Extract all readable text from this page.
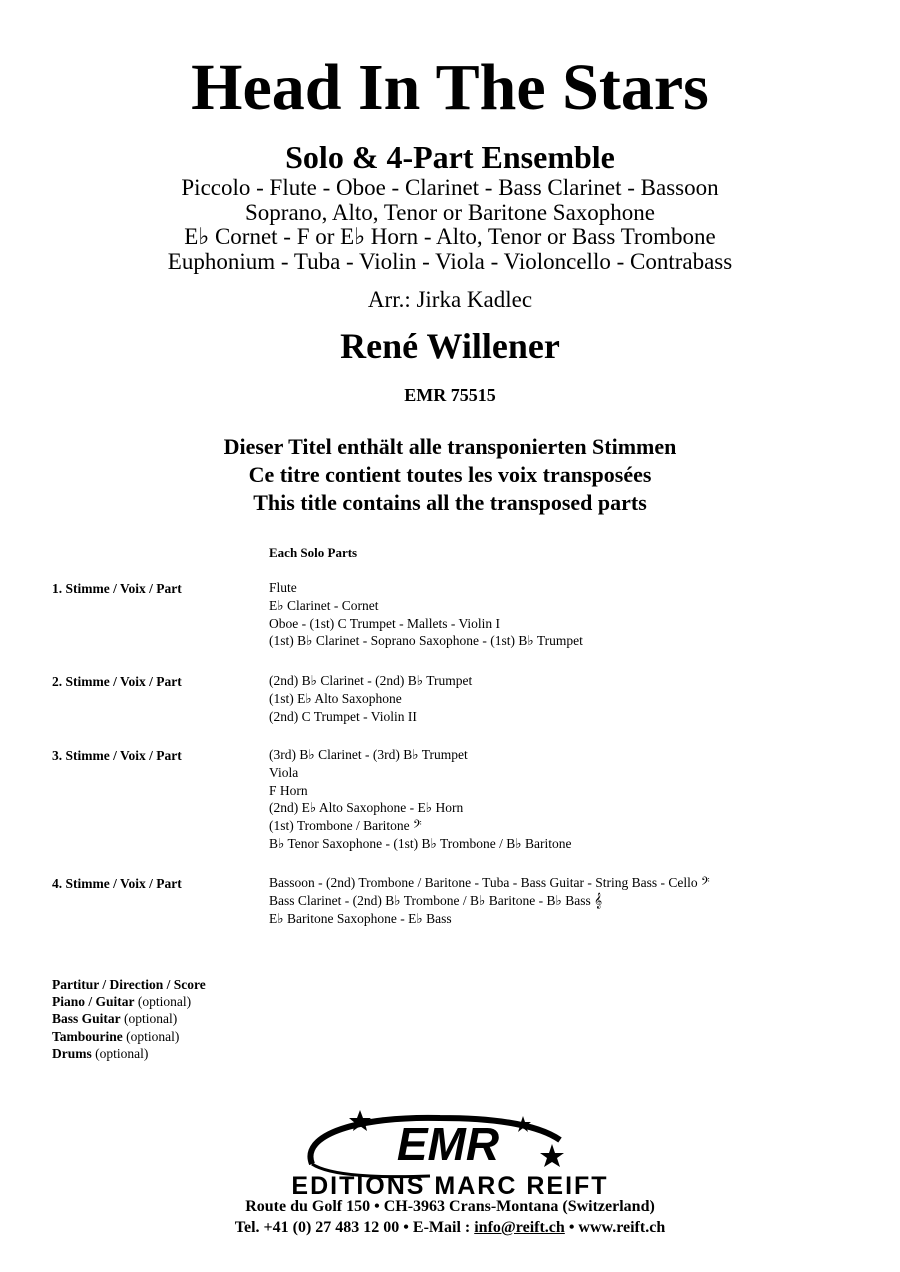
Head In The Stars
Solo & 4-Part Ensemble
Piccolo - Flute - Oboe - Clarinet - Bass Clarinet - Bassoon
Soprano, Alto, Tenor or Baritone Saxophone
E♭ Cornet - F or E♭ Horn - Alto, Tenor or Bass Trombone
Euphonium - Tuba - Violin - Viola - Violoncello - Contrabass
Arr.: Jirka Kadlec
René Willener
EMR 75515
Dieser Titel enthält alle transponierten Stimmen
Ce titre contient toutes les voix transposées
This title contains all the transposed parts
Each Solo Parts
1. Stimme / Voix / Part	Flute
E♭ Clarinet - Cornet
Oboe - (1st) C Trumpet - Mallets - Violin I
(1st) B♭ Clarinet - Soprano Saxophone - (1st) B♭ Trumpet
2. Stimme / Voix / Part	(2nd) B♭ Clarinet - (2nd) B♭ Trumpet
(1st) E♭ Alto Saxophone
(2nd) C Trumpet - Violin II
3. Stimme / Voix / Part	(3rd) B♭ Clarinet - (3rd) B♭ Trumpet
Viola
F Horn
(2nd) E♭ Alto Saxophone - E♭ Horn
(1st) Trombone / Baritone 𝄢
B♭ Tenor Saxophone - (1st) B♭ Trombone / B♭ Baritone
4. Stimme / Voix / Part	Bassoon - (2nd) Trombone / Baritone - Tuba - Bass Guitar - String Bass - Cello 𝄢
Bass Clarinet - (2nd) B♭ Trombone / B♭ Baritone - B♭ Bass 𝄞
E♭ Baritone Saxophone - E♭ Bass
Partitur / Direction / Score
Piano / Guitar (optional)
Bass Guitar (optional)
Tambourine (optional)
Drums (optional)
EMR
EDITIONS MARC REIFT
Route du Golf 150 • CH-3963 Crans-Montana (Switzerland)
Tel. +41 (0) 27 483 12 00 • E-Mail : info@reift.ch • www.reift.ch
